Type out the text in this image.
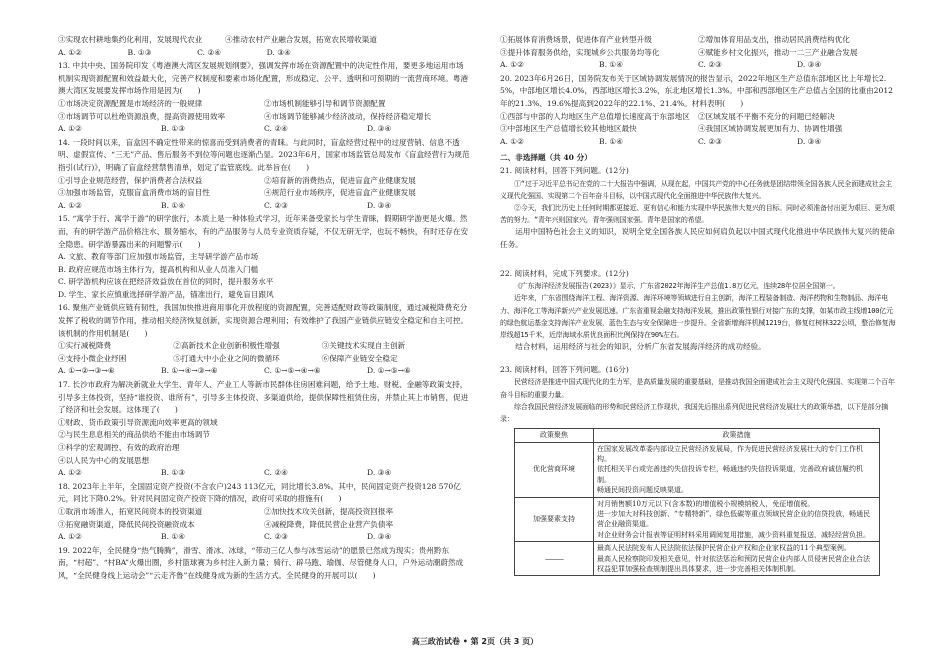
③实现农村耕地集约化利用，发展现代农业　　　④推动农村产业融合发展，拓宽农民增收渠道
A. ①②　　　　　　B. ①③　　　　　　C. ②④　　　　　　D. ③④
13. 中共中央、国务院印发《粤港澳大湾区发展规划纲要》，强调发挥市场在资源配置中的决定性作用，要更多地运用市场机制实现资源配置和效益最大化，完善产权制度和要素市场化配置，形成稳定、公平、透明和可预期的一流营商环境。粤港澳大湾区发展要发挥市场作用是因为(　　)
①市场决定资源配置是市场经济的一般规律	②市场机制能够引导和调节资源配置
③市场调节可以杜绝资源浪费，提高资源使用效率	④市场调节能够减少经济波动，保持经济稳定增长
A. ①②	B. ①③	C. ②④	D. ③④
14. 一段时间以来，盲盒因不确定性带来的惊喜而受到消费者的青睐。与此同时，盲盒经营过程中的过度营销、信息不透明、虚假宣传、“三无”产品、售后服务不到位等问题也逐渐凸显。2023年6月，国家市场监管总局发布《盲盒经营行为规范指引(试行)》，明确了盲盒经营禁售清单，划定了监管底线。此举旨在(　　)
①引导企业规范经营，保护消费者合法权益	②培育新的消费热点，促进盲盒产业健康发展
③加强市场监管，克服盲盒消费市场的盲目性	④规范行业市场秩序，促进盲盒产业健康发展
A. ①②	B. ①④	C. ②③	D. ③④
15. “寓学于行、寓学于游”的研学旅行，本质上是一种体验式学习，近年来备受家长与学生青睐，假期研学游更是火爆。然而，有的研学游产品价格注水、服务缩水，有的产品服务与人员专业资质存疑，不仅无研无学，也玩不畅快，有时还存在安全隐患。研学游暴露出来的问题警示(　　)
A. 文旅、教育等部门应加强市场监管，主导研学游产品市场
B. 政府应规范市场主体行为，提高机构和从业人员准入门槛
C. 研学游机构应该在把经济效益放在首位的同时，提升服务水平
D. 学生、家长应慎重选择研学游产品，锚准出行，避免盲目跟风
16. 聚焦产业链供应链有韧性，我国加快推进商用事化开放程度的资源配置，完善适配财政等政策制度，通过减税降费充分发挥了税收的调节作用，推动相关经济恢复创新，实现资源合理利用；有效维护了我国产业链供应链安全稳定和自主可控。该机制的作用机制是(　　)
①实行减税降费	②高新技术企业创新积极性增强	③关键技术实现自主创新
④支持小微企业纾困	⑤打通大中小企业之间的微循环	⑥保障产业链安全稳定
A. ①→②→③→⑥	B. ①→④→③→⑥	C. ①→⑤→④→⑥	D. ①→⑤→⑥
17. 长沙市政府为解决新就业大学生、青年人、产业工人等新市民群体住房困难问题，给予土地、财税、金融等政策支持，引导多主体投资，坚持“谁投资、谁所有”，引导多主体投资、多渠道供给，提供保障性租赁住房，并禁止其上市销售，促进了经济和社会发展。这体现了(　　)
①财政、货币政策引导资源流向效率更高的领域
②与民生息息相关的商品供给不能由市场调节
③科学的宏观调控、有效的政府治理
④以人民为中心的发展思想
A. ①②	B. ①③	C. ②④	D. ③④
18. 2023年上半年，全国固定资产投资(不含农户)243 113亿元，同比增长3.8%。其中，民间固定资产投资128 570亿元，同比下降0.2%。针对民间固定资产投资下降的情况，政府可采取的措施有(　　)
①取消市场准入，拓宽民间资本的投资渠道	②加快技术攻关创新，提高投资回报率
③拓宽融资渠道，降低民间投资融资成本	④减税降费，降低民营企业营产负债率
A. ①②	B. ①④	C. ②③	D. ③④
19. 2022年，全民健身“热气腾腾”，滑雪、滑冰、冰球，“带动三亿人参与冰雪运动”的愿景已然成为现实；贵州黔东南，“村超”、“村BA”火爆出圈，乡村篮球赛为乡村注入新力量；骑行、辟马跑、瑜伽、尽管健身人口，户外运动潮蔚然成风，“全民健身线上运动会”“云走齐鲁”在线健身成为新的生活方式。全民健身的开展可以(　　)
①拓展体育消费场景，促进体育产业转型升级	②增加体育用品支出，推动居民消费结构优化
③提升体育服务供给，实现城乡公共服务均等化	④赋能乡村文化振兴，推动一二三产业融合发展
A. ①②	B. ①④	C. ②③	D. ③④
20. 2023年6月26日，国务院发布关于区域协调发展情况的报告显示，2022年地区生产总值东部地区比上年增长2.5%，中部地区增长4.0%，西部地区增长3.2%，东北地区增长1.3%。中部和西部地区生产总值占全国的比重由2012年的21.3%、19.6%提高到2022年的22.1%、21.4%。材料表明(　　)
①西部与中部的人均地区生产总值增长速度高于东部地区	②区域发展不平衡不充分的问题已经解决
③中部地区生产总值增长较其他地区最快	④我国区域协调发展更加有力、协调性增强
A. ①②	B. ①④	C. ②③	D. ③④
二、非选择题（共 40 分）
21. 阅读材料，回答下列问题。(12分)
①“过于习近平总书记在党的二十大报告中强调，从现在起，中国共产党的中心任务就是团结带领全国各族人民全面建成社会主义现代化强国、实现第二个百年奋斗目标，以中国式现代化全面推进中华民族伟大复兴。
②今天，我们比历史上任何时期都更接近、更有信心和能力实现中华民族伟大复兴的目标。同时必须准备付出更为艰巨、更为艰苦的努力。“青年兴则国家兴，青年强则国家强。青年是国家的希望。
运用中国特色社会主义的知识，说明全党全国各族人民应如何肩负起以中国式现代化推进中华民族伟大复兴的使命任务。
22. 阅读材料，完成下列要求。(12分)
《广东海洋经济发展报告(2023)》显示，广东省2022年海洋生产总值1.8万亿元，连续28年位居全国第一。
近年来，广东省围绕海洋工程、海洋资源、海洋环境等领域进行自主创新，海洋工程装备制造、海洋药物和生物制品、海洋电力、海洋化工等海洋新兴产业发展迅速。广东省重视金融支持海洋发展，推出政策性银行对接广东的支撑，如某市政主线增100亿元的绿色航运基金支持海洋产业发展，蓝色生态与安全保障进一步提升。全省新增海洋机械1219台，修复红树林322公顷，整治修复海岸线超15千米，近岸海域水质优良面积比例保持在90%左右。
结合材料，运用经济与社会的知识，分析广东省发展海洋经济的成功经验。
23. 阅读材料，回答下列问题。(16分)
民营经济是推进中国式现代化的生力军，是高质量发展的重要基础，是推动我国全面建成社会主义现代化强国、实现第二个百年奋斗目标的重要力量。
综合我国民营经济发展面临的形势和民营经济工作现状，我国先后推出系列促进民营经济发展壮大的政策举措，以下是部分摘录：
政策聚焦	政策措施
优化营商环境	在国家发展改革委内部设立民营经济发展局，作为促进民营经济发展壮大的专门工作机构。
依托相关平台或完善违约失信投诉专栏，畅通违约失信投诉渠道，完善政府诚信履约机制。
畅通民间投资问题反映渠道。

加强要素支持	对月销售额10万元以下(含本数)的增值税小规模纳税人，免征增值税。
进一步加大对科技创新、“专精特新”、绿色低碳等重点领域民营企业的信贷投放，畅通民营企业融资渠道。
对企业财务会计报表等证明材料采用调阅复用措施，减少资料重复报送，减轻经营负担。

———	最高人民法院发布人民法院依法保护民营企业产权和企业家权益的11个典型案例。
最高人民检察院印发相关意见，针对依法惩治和预防民营企业内部人员侵害民营企业合法权益犯罪加强检查规制提出具体要求，进一步完善相关体制机制。
高三政治试卷 • 第 2页（共 3 页）
